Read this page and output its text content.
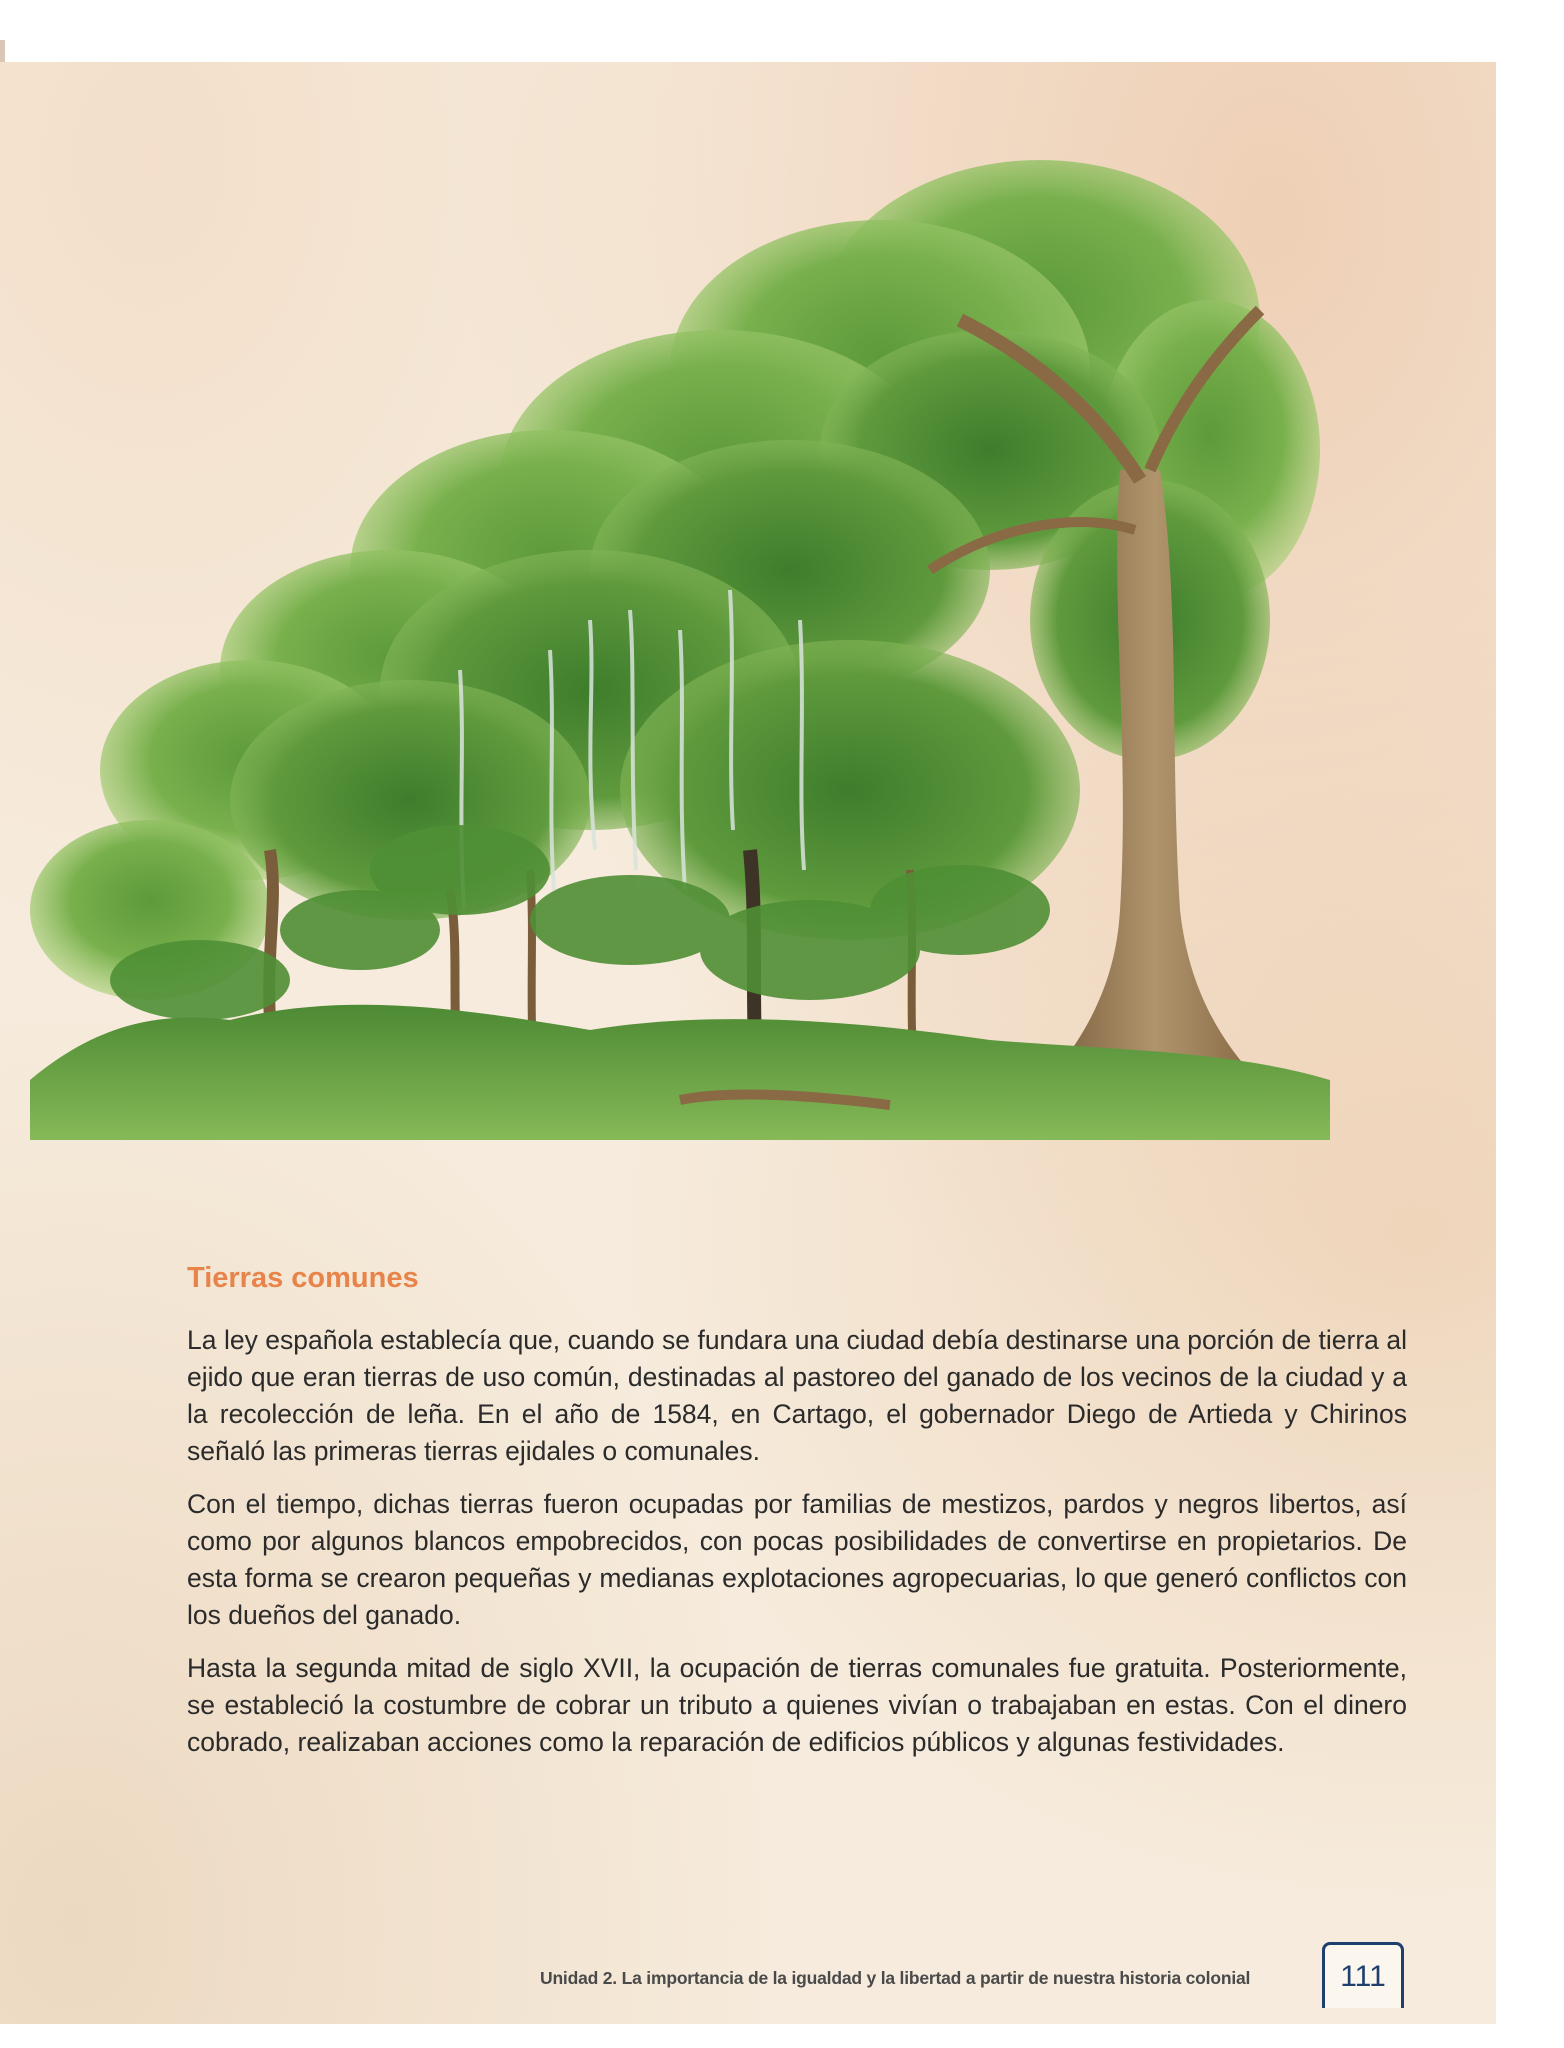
Tierras comunes

La ley española establecía que, cuando se fundara una ciudad debía destinarse una porción de tierra al ejido que eran tierras de uso común, destinadas al pastoreo del ganado de los vecinos de la ciudad y a la recolección de leña. En el año de 1584, en Cartago, el gobernador Diego de Artieda y Chirinos señaló las primeras tierras ejidales o comunales.

Con el tiempo, dichas tierras fueron ocupadas por familias de mestizos, pardos y negros libertos, así como por algunos blancos empobrecidos, con pocas posibilidades de convertirse en propietarios. De esta forma se crearon pequeñas y medianas explotaciones agropecuarias, lo que generó conflictos con los dueños del ganado.

Hasta la segunda mitad de siglo XVII, la ocupación de tierras comunales fue gratuita. Posteriormente, se estableció la costumbre de cobrar un tributo a quienes vivían o trabajaban en estas. Con el dinero cobrado, realizaban acciones como la reparación de edificios públicos y algunas festividades.

Unidad 2. La importancia de la igualdad y la libertad a partir de nuestra historia colonial	111
